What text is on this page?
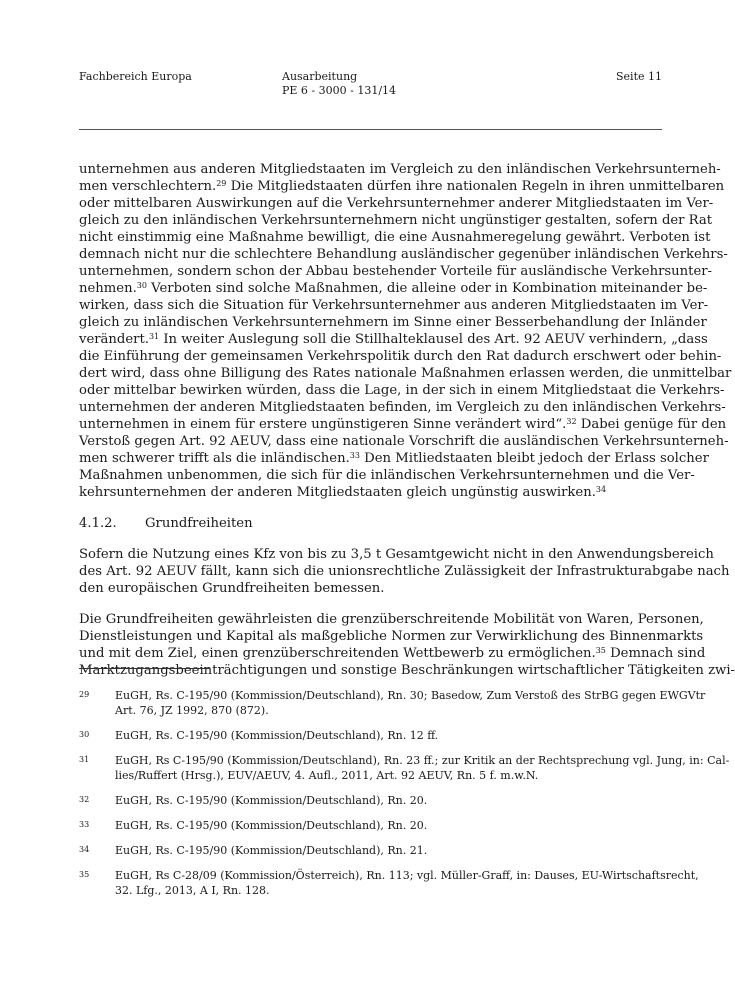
Fachbereich Europa	Ausarbeitung
PE 6 - 3000 - 131/14
Seite 11

unternehmen aus anderen Mitgliedstaaten im Vergleich zu den inländischen Verkehrsunterneh-
men verschlechtern.$^{29}$ Die Mitgliedstaaten dürfen ihre nationalen Regeln in ihren unmittelbaren
oder mittelbaren Auswirkungen auf die Verkehrsunternehmer anderer Mitgliedstaaten im Ver-
gleich zu den inländischen Verkehrsunternehmern nicht ungünstiger gestalten, sofern der Rat
nicht einstimmig eine Maßnahme bewilligt, die eine Ausnahmeregelung gewährt. Verboten ist
demnach nicht nur die schlechtere Behandlung ausländischer gegenüber inländischen Verkehrs-
unternehmen, sondern schon der Abbau bestehender Vorteile für ausländische Verkehrsunter-
nehmen.$^{30}$ Verboten sind solche Maßnahmen, die alleine oder in Kombination miteinander be-
wirken, dass sich die Situation für Verkehrsunternehmer aus anderen Mitgliedstaaten im Ver-
gleich zu inländischen Verkehrsunternehmern im Sinne einer Besserbehandlung der Inländer
verändert.$^{31}$ In weiter Auslegung soll die Stillhalteklausel des Art. 92 AEUV verhindern, „dass
die Einführung der gemeinsamen Verkehrspolitik durch den Rat dadurch erschwert oder behin-
dert wird, dass ohne Billigung des Rates nationale Maßnahmen erlassen werden, die unmittelbar
oder mittelbar bewirken würden, dass die Lage, in der sich in einem Mitgliedstaat die Verkehrs-
unternehmen der anderen Mitgliedstaaten befinden, im Vergleich zu den inländischen Verkehrs-
unternehmen in einem für erstere ungünstigeren Sinne verändert wird“.$^{32}$ Dabei genüge für den
Verstoß gegen Art. 92 AEUV, dass eine nationale Vorschrift die ausländischen Verkehrsunterneh-
men schwerer trifft als die inländischen.$^{33}$ Den Mitliedstaaten bleibt jedoch der Erlass solcher
Maßnahmen unbenommen, die sich für die inländischen Verkehrsunternehmen und die Ver-
kehrsunternehmen der anderen Mitgliedstaaten gleich ungünstig auswirken.$^{34}$

4.1.2. Grundfreiheiten

Sofern die Nutzung eines Kfz von bis zu 3,5 t Gesamtgewicht nicht in den Anwendungsbereich
des Art. 92 AEUV fällt, kann sich die unionsrechtliche Zulässigkeit der Infrastrukturabgabe nach
den europäischen Grundfreiheiten bemessen.

Die Grundfreiheiten gewährleisten die grenzüberschreitende Mobilität von Waren, Personen,
Dienstleistungen und Kapital als maßgebliche Normen zur Verwirklichung des Binnenmarkts
und mit dem Ziel, einen grenzüberschreitenden Wettbewerb zu ermöglichen.$^{35}$ Demnach sind
Marktzugangsbeeinträchtigungen und sonstige Beschränkungen wirtschaftlicher Tätigkeiten zwi-

29 EuGH, Rs. C-195/90 (Kommission/Deutschland), Rn. 30; Basedow, Zum Verstoß des StrBG gegen EWGVtr
Art. 76, JZ 1992, 870 (872).
30 EuGH, Rs. C-195/90 (Kommission/Deutschland), Rn. 12 ff.
31 EuGH, Rs C-195/90 (Kommission/Deutschland), Rn. 23 ff.; zur Kritik an der Rechtsprechung vgl. Jung, in: Cal-
lies/Ruffert (Hrsg.), EUV/AEUV, 4. Aufl., 2011, Art. 92 AEUV, Rn. 5 f. m.w.N.
32 EuGH, Rs. C-195/90 (Kommission/Deutschland), Rn. 20.
33 EuGH, Rs. C-195/90 (Kommission/Deutschland), Rn. 20.
34 EuGH, Rs. C-195/90 (Kommission/Deutschland), Rn. 21.
35 EuGH, Rs C-28/09 (Kommission/Österreich), Rn. 113; vgl. Müller-Graff, in: Dauses, EU-Wirtschaftsrecht,
32. Lfg., 2013, A I, Rn. 128.
